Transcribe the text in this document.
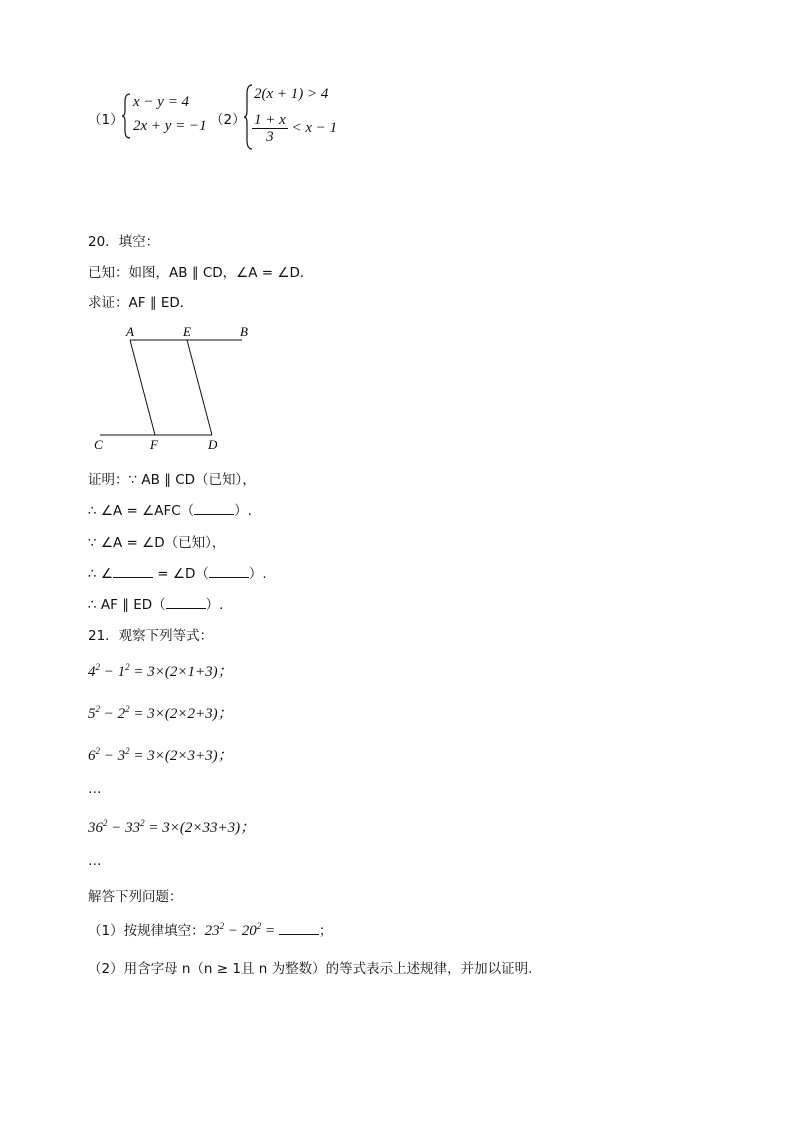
（1）
x − y = 4
2x + y = −1 （2）
2(x + 1) > 4
$\frac{1 + x}{3} < x - 1$
20．填空：
已知：如图，AB ∥ CD，∠A = ∠D．
求证：AF ∥ ED．
A	E	B
C	F	D
证明：∵ AB ∥ CD（已知），
∴ ∠A = ∠AFC（	）.
∵ ∠A = ∠D（已知），
∴ ∠	= ∠D（	）.
∴ AF ∥ ED（	）.
21．观察下列等式：
$4^2 - 1^2 = 3\times(2\times 1+3)$；
$5^2 - 2^2 = 3\times(2\times 2+3)$；
$6^2 - 3^2 = 3\times(2\times 3+3)$；
…
$36^2 - 33^2 = 3\times(2\times 33+3)$；
…
解答下列问题：
（1）按规律填空：$23^2 - 20^2$ =	；
（2）用含字母 n（n ≥ 1且 n 为整数）的等式表示上述规律，并加以证明.
